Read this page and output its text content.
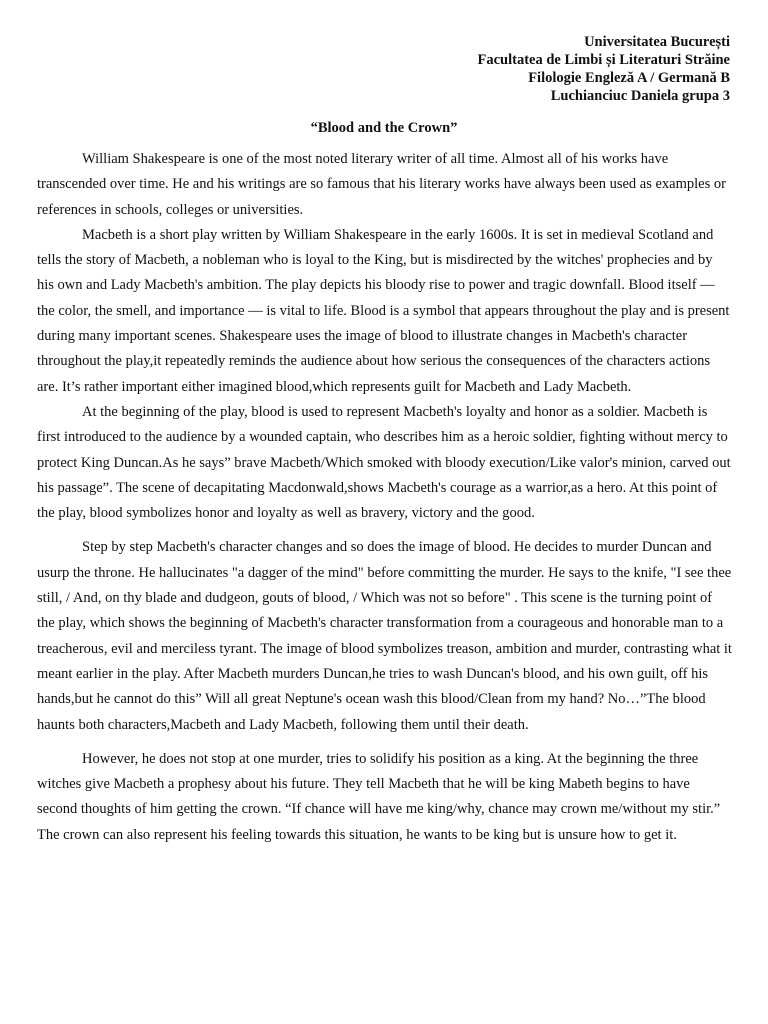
Universitatea București
Facultatea de Limbi și Literaturi Străine
Filologie Engleză A / Germană B
Luchianciuc Daniela grupa 3
“Blood and the Crown”

William Shakespeare is one of the most noted literary writer of all time. Almost all of his works have transcended over time. He and his writings are so famous that his literary works have always been used as examples or references in schools, colleges or universities.

Macbeth is a short play written by William Shakespeare in the early 1600s. It is set in medieval Scotland and tells the story of Macbeth, a nobleman who is loyal to the King, but is misdirected by the witches' prophecies and by his own and Lady Macbeth's ambition. The play depicts his bloody rise to power and tragic downfall. Blood itself — the color, the smell, and importance — is vital to life. Blood is a symbol that appears throughout the play and is present during many important scenes. Shakespeare uses the image of blood to illustrate changes in Macbeth's character throughout the play,it repeatedly reminds the audience about how serious the consequences of the characters actions are. It’s rather important either imagined blood,which represents guilt for Macbeth and Lady Macbeth.

At the beginning of the play, blood is used to represent Macbeth's loyalty and honor as a soldier. Macbeth is first introduced to the audience by a wounded captain, who describes him as a heroic soldier, fighting without mercy to protect King Duncan.As he says” brave Macbeth/Which smoked with bloody execution/Like valor's minion, carved out his passage”. The scene of decapitating Macdonwald,shows Macbeth's courage as a warrior,as a hero. At this point of the play, blood symbolizes honor and loyalty as well as bravery, victory and the good.

Step by step Macbeth's character changes and so does the image of blood. He decides to murder Duncan and usurp the throne. He hallucinates "a dagger of the mind" before committing the murder. He says to the knife, "I see thee still, / And, on thy blade and dudgeon, gouts of blood, / Which was not so before" . This scene is the turning point of the play, which shows the beginning of Macbeth's character transformation from a courageous and honorable man to a treacherous, evil and merciless tyrant. The image of blood symbolizes treason, ambition and murder, contrasting what it meant earlier in the play. After Macbeth murders Duncan,he tries to wash Duncan's blood, and his own guilt, off his hands,but he cannot do this” Will all great Neptune's ocean wash this blood/Clean from my hand? No…”The blood haunts both characters,Macbeth and Lady Macbeth, following them until their death.

However, he does not stop at one murder, tries to solidify his position as a king. At the beginning the three witches give Macbeth a prophesy about his future. They tell Macbeth that he will be king Mabeth begins to have second thoughts of him getting the crown. “If chance will have me king/why, chance may crown me/without my stir.” The crown can also represent his feeling towards this situation, he wants to be king but is unsure how to get it.
